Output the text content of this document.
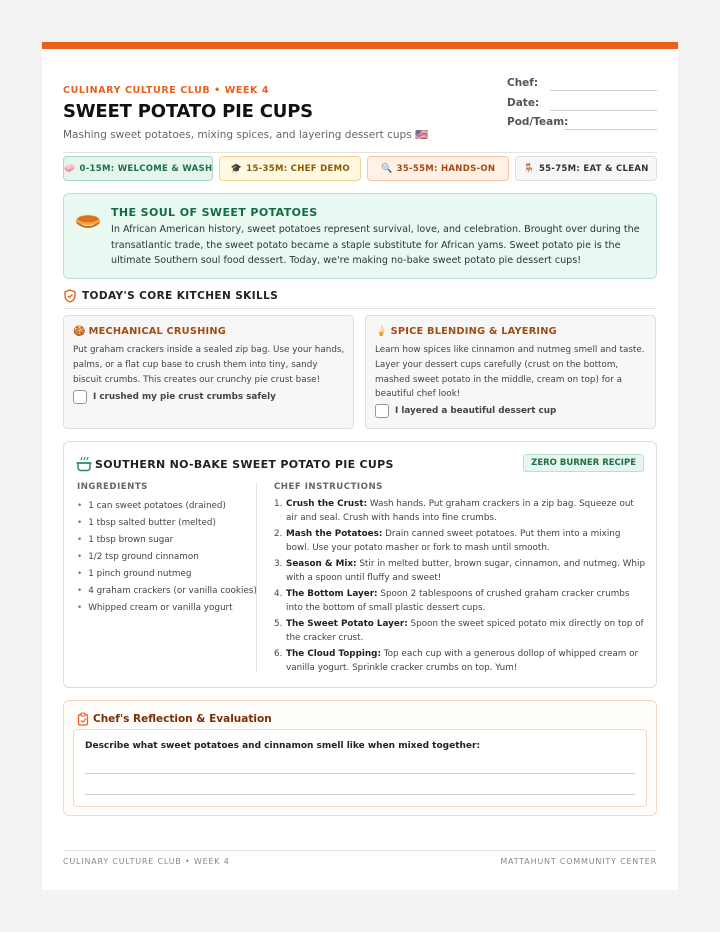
CULINARY CULTURE CLUB • WEEK 4
SWEET POTATO PIE CUPS
Mashing sweet potatoes, mixing spices, and layering dessert cups 🇺🇸
Chef:
Date:
Pod/Team:
🧼 0-15M: WELCOME & WASH 🎓 15-35M: CHEF DEMO	🔍 35-55M: HANDS-ON	🪑 55-75M: EAT & CLEAN
THE SOUL OF SWEET POTATOES

In African American history, sweet potatoes represent survival, love, and celebration. Brought over during the transatlantic trade, the sweet potato became a staple substitute for African yams. Sweet potato pie is the ultimate Southern soul food dessert. Today, we're making no-bake sweet potato pie dessert cups!

TODAY'S CORE KITCHEN SKILLS
🍪 MECHANICAL CRUSHING

Put graham crackers inside a sealed zip bag. Use your hands, palms, or a flat cup base to crush them into tiny, sandy biscuit crumbs. This creates our crunchy pie crust base!

I crushed my pie crust crumbs safely
🍦 SPICE BLENDING & LAYERING

Learn how spices like cinnamon and nutmeg smell and taste. Layer your dessert cups carefully (crust on the bottom, mashed sweet potato in the middle, cream on top) for a beautiful chef look!

I layered a beautiful dessert cup
SOUTHERN NO-BAKE SWEET POTATO PIE CUPS	ZERO BURNER RECIPE
INGREDIENTS
• 1 can sweet potatoes (drained)
• 1 tbsp salted butter (melted)
• 1 tbsp brown sugar
• 1/2 tsp ground cinnamon
• 1 pinch ground nutmeg
• 4 graham crackers (or vanilla cookies)
• Whipped cream or vanilla yogurt
CHEF INSTRUCTIONS
1. Crush the Crust: Wash hands. Put graham crackers in a zip bag. Squeeze out air and seal. Crush with hands into fine crumbs.
2. Mash the Potatoes: Drain canned sweet potatoes. Put them into a mixing bowl. Use your potato masher or fork to mash until smooth.
3. Season & Mix: Stir in melted butter, brown sugar, cinnamon, and nutmeg. Whip with a spoon until fluffy and sweet!
4. The Bottom Layer: Spoon 2 tablespoons of crushed graham cracker crumbs into the bottom of small plastic dessert cups.
5. The Sweet Potato Layer: Spoon the sweet spiced potato mix directly on top of the cracker crust.
6. The Cloud Topping: Top each cup with a generous dollop of whipped cream or vanilla yogurt. Sprinkle cracker crumbs on top. Yum!
Chef's Reflection & Evaluation
Describe what sweet potatoes and cinnamon smell like when mixed together:
CULINARY CULTURE CLUB • WEEK 4	MATTAHUNT COMMUNITY CENTER
